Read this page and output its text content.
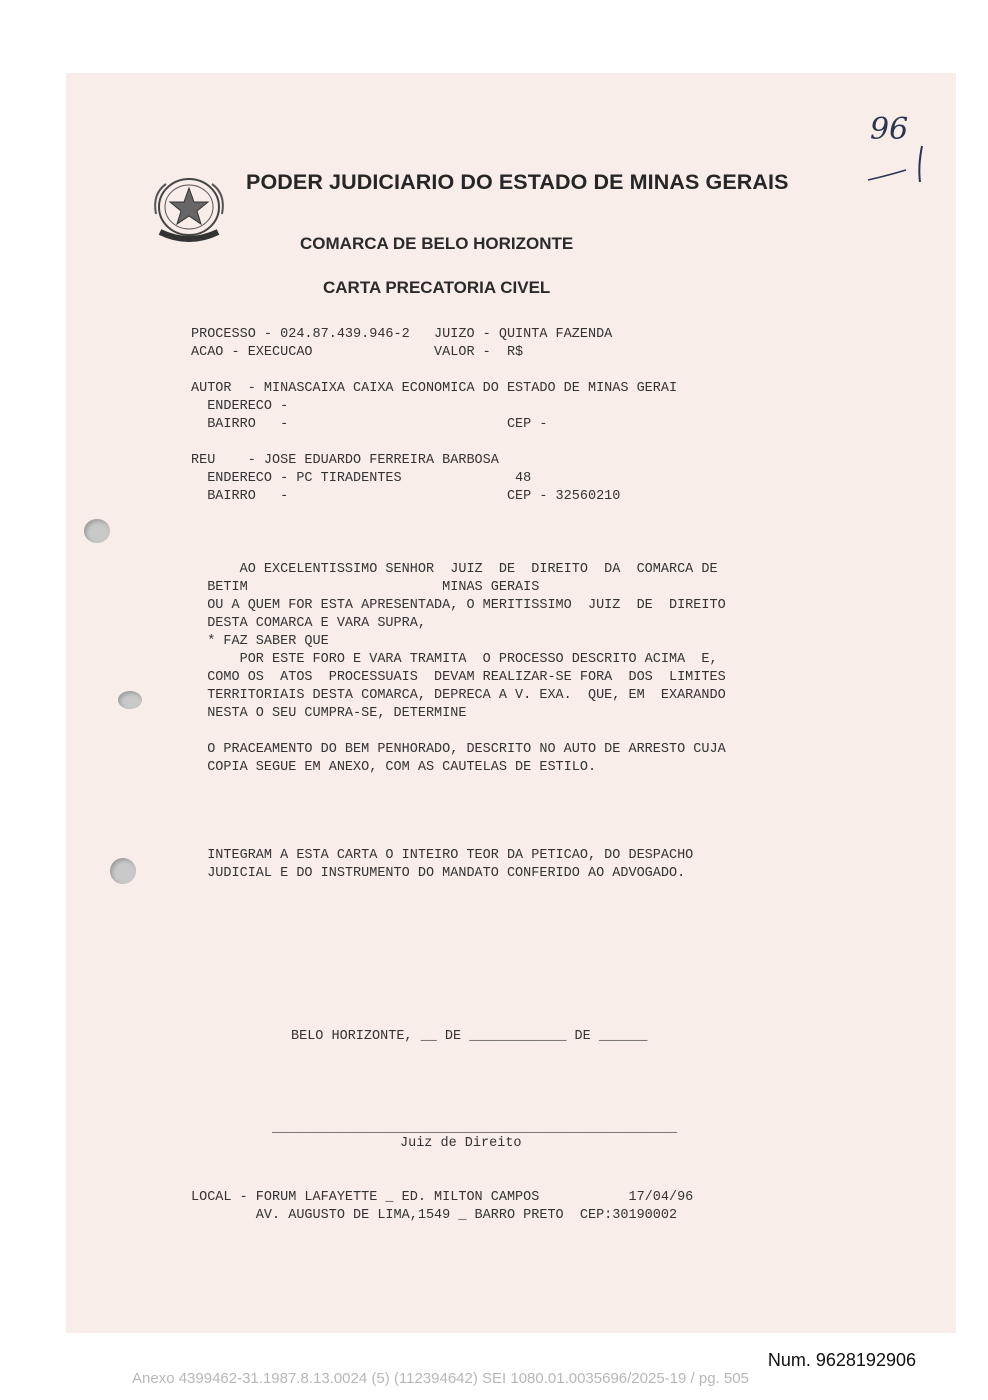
PODER JUDICIARIO DO ESTADO DE MINAS GERAIS
COMARCA DE BELO HORIZONTE
CARTA PRECATORIA CIVEL
96
PROCESSO - 024.87.439.946-2   JUIZO - QUINTA FAZENDA
ACAO - EXECUCAO               VALOR -  R$
AUTOR  - MINASCAIXA CAIXA ECONOMICA DO ESTADO DE MINAS GERAI
ENDERECO -
BAIRRO   -                           CEP -
REU    - JOSE EDUARDO FERREIRA BARBOSA
ENDERECO - PC TIRADENTES              48
BAIRRO   -                           CEP - 32560210
AO EXCELENTISSIMO SENHOR  JUIZ  DE  DIREITO  DA  COMARCA DE
BETIM                        MINAS GERAIS
OU A QUEM FOR ESTA APRESENTADA, O MERITISSIMO  JUIZ  DE  DIREITO
DESTA COMARCA E VARA SUPRA,
* FAZ SABER QUE
POR ESTE FORO E VARA TRAMITA  O PROCESSO DESCRITO ACIMA  E,
COMO OS  ATOS  PROCESSUAIS  DEVAM REALIZAR-SE FORA  DOS  LIMITES
TERRITORIAIS DESTA COMARCA, DEPRECA A V. EXA.  QUE, EM  EXARANDO
NESTA O SEU CUMPRA-SE, DETERMINE
O PRACEAMENTO DO BEM PENHORADO, DESCRITO NO AUTO DE ARRESTO CUJA
COPIA SEGUE EM ANEXO, COM AS CAUTELAS DE ESTILO.
INTEGRAM A ESTA CARTA O INTEIRO TEOR DA PETICAO, DO DESPACHO
JUDICIAL E DO INSTRUMENTO DO MANDATO CONFERIDO AO ADVOGADO.
BELO HORIZONTE, __ DE ____________ DE ______
__________________________________________________
Juiz de Direito
LOCAL - FORUM LAFAYETTE _ ED. MILTON CAMPOS           17/04/96
AV. AUGUSTO DE LIMA,1549 _ BARRO PRETO  CEP:30190002
Num. 9628192906
Anexo 4399462-31.1987.8.13.0024 (5) (112394642) SEI 1080.01.0035696/2025-19 / pg. 505
